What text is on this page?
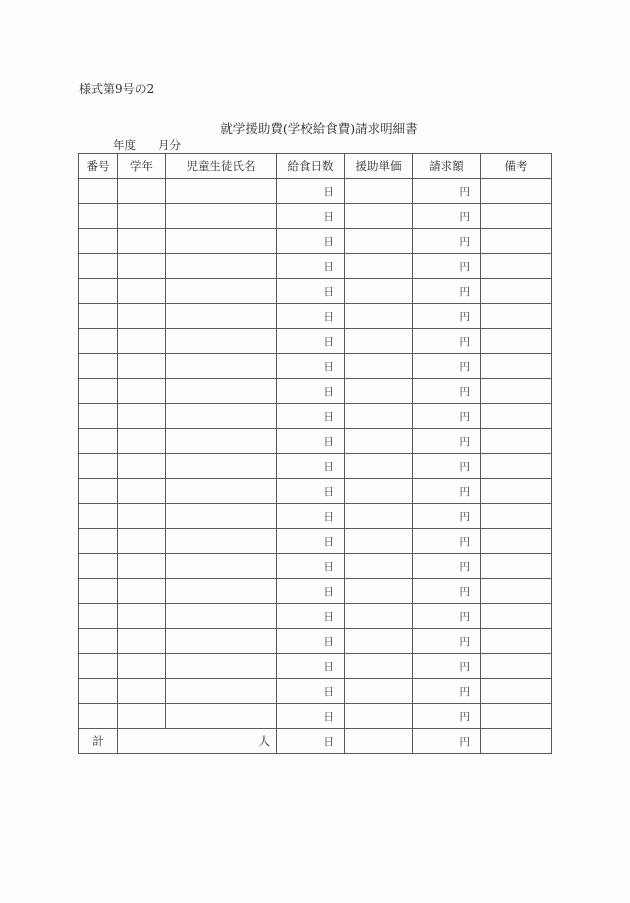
様式第9号の2
就学援助費(学校給食費)請求明細書
年度 月分
番号	学年	児童生徒氏名	給食日数	援助単価	請求額	備考
			日		円	
			日		円	
			日		円	
			日		円	
			日		円	
			日		円	
			日		円	
			日		円	
			日		円	
			日		円	
			日		円	
			日		円	
			日		円	
			日		円	
			日		円	
			日		円	
			日		円	
			日		円	
			日		円	
			日		円	
			日		円	
			日		円	
計	人		日		円	
